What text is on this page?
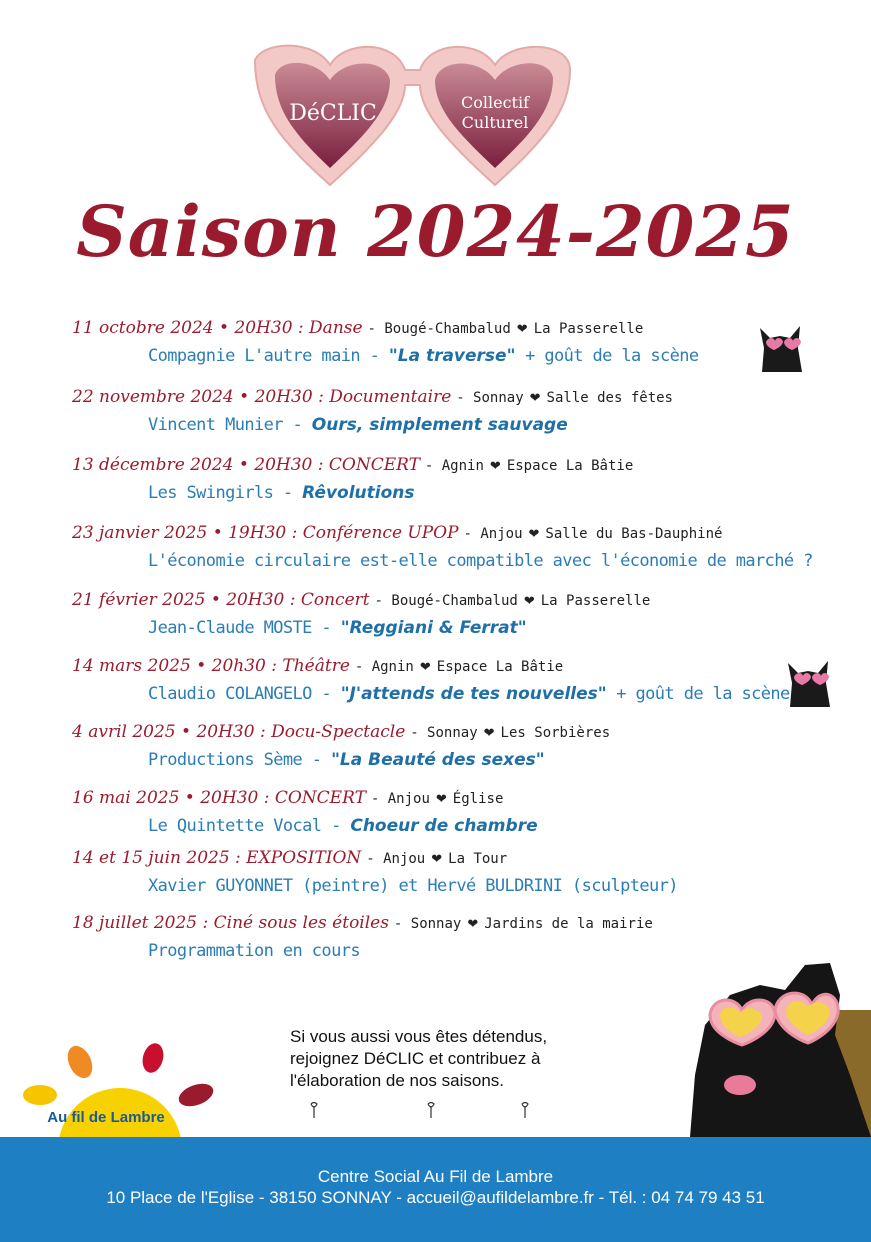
DéCLIC	Collectif
Culturel
Saison 2024-2025
11 octobre 2024 • 20H30 : Danse - Bougé-Chambalud ❤ La Passerelle
Compagnie L'autre main - "La traverse" + goût de la scène
22 novembre 2024 • 20H30 : Documentaire - Sonnay ❤ Salle des fêtes
Vincent Munier - Ours, simplement sauvage
13 décembre 2024 • 20H30 : CONCERT - Agnin ❤ Espace La Bâtie
Les Swingirls - Rêvolutions
23 janvier 2025 • 19H30 : Conférence UPOP - Anjou ❤ Salle du Bas-Dauphiné
L'économie circulaire est-elle compatible avec l'économie de marché ?
21 février 2025 • 20H30 : Concert - Bougé-Chambalud ❤ La Passerelle
Jean-Claude MOSTE - "Reggiani & Ferrat"
14 mars 2025 • 20h30 : Théâtre - Agnin ❤ Espace La Bâtie
Claudio COLANGELO - "J'attends de tes nouvelles" + goût de la scène
4 avril 2025 • 20H30 : Docu-Spectacle - Sonnay ❤ Les Sorbières
Productions Sème - "La Beauté des sexes"
16 mai 2025 • 20H30 : CONCERT - Anjou ❤ Église
Le Quintette Vocal - Choeur de chambre
14 et 15 juin 2025 : EXPOSITION - Anjou ❤ La Tour
Xavier GUYONNET (peintre) et Hervé BULDRINI (sculpteur)
18 juillet 2025 : Ciné sous les étoiles - Sonnay ❤ Jardins de la mairie
Programmation en cours
Si vous aussi vous êtes détendus,
rejoignez DéCLIC et contribuez à
l'élaboration de nos saisons.
Au fil de Lambre
Centre Social Au Fil de Lambre
10 Place de l'Eglise - 38150 SONNAY - accueil@aufildelambre.fr - Tél. : 04 74 79 43 51
